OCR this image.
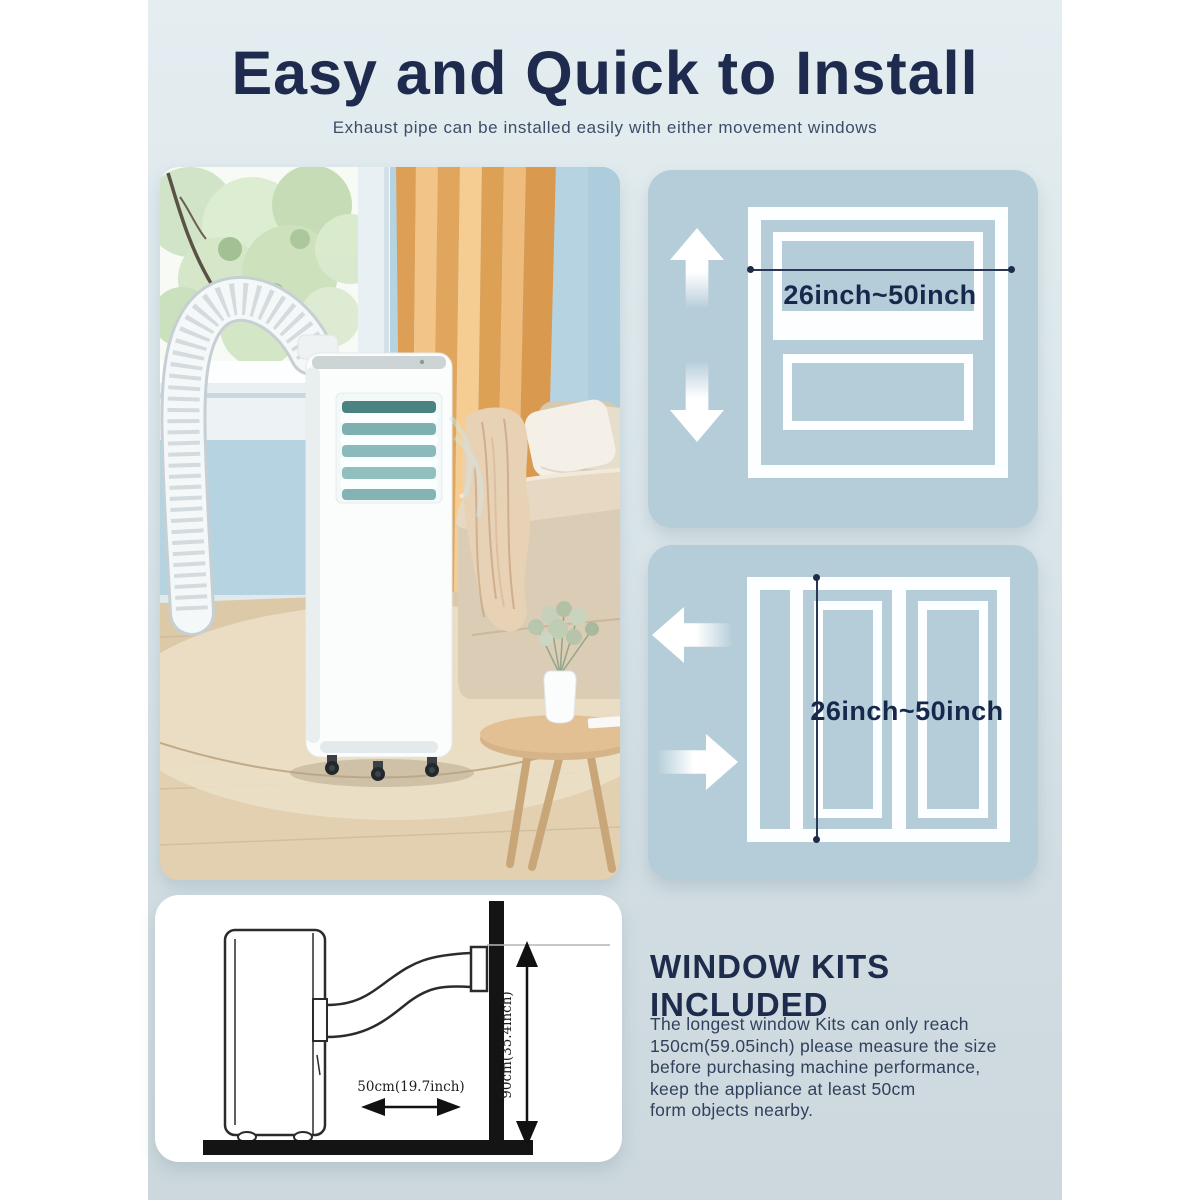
Easy and Quick to Install
Exhaust pipe can be installed easily with either movement windows
26inch~50inch
26inch~50inch
90cm(35.4inch)
50cm(19.7inch)
WINDOW KITS INCLUDED
The longest window Kits can only reach
150cm(59.05inch) please measure the size
before purchasing machine performance,
keep the appliance at least 50cm
form objects nearby.
